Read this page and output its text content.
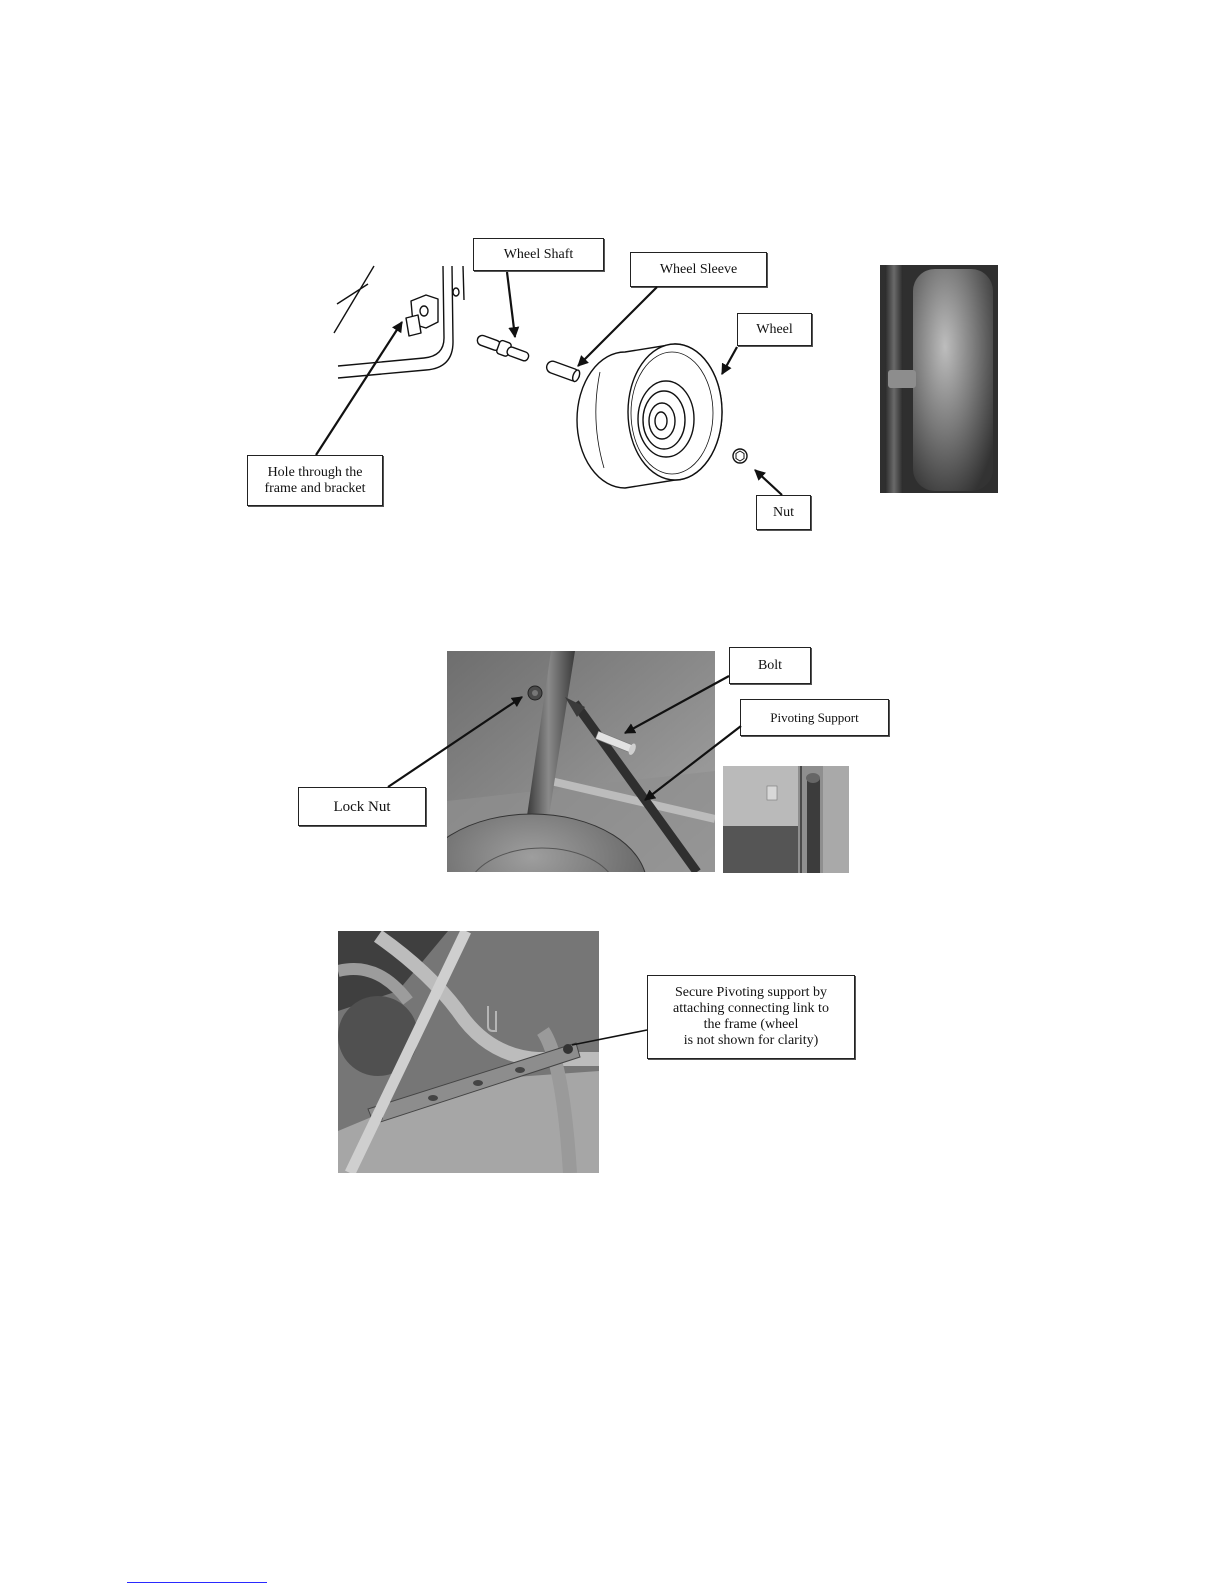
Wheel Shaft
Wheel Sleeve
Wheel
Hole through the
frame and bracket
Nut
Bolt
Pivoting Support
Lock Nut
Secure Pivoting support by
attaching connecting link to
the frame (wheel
is not shown for clarity)
